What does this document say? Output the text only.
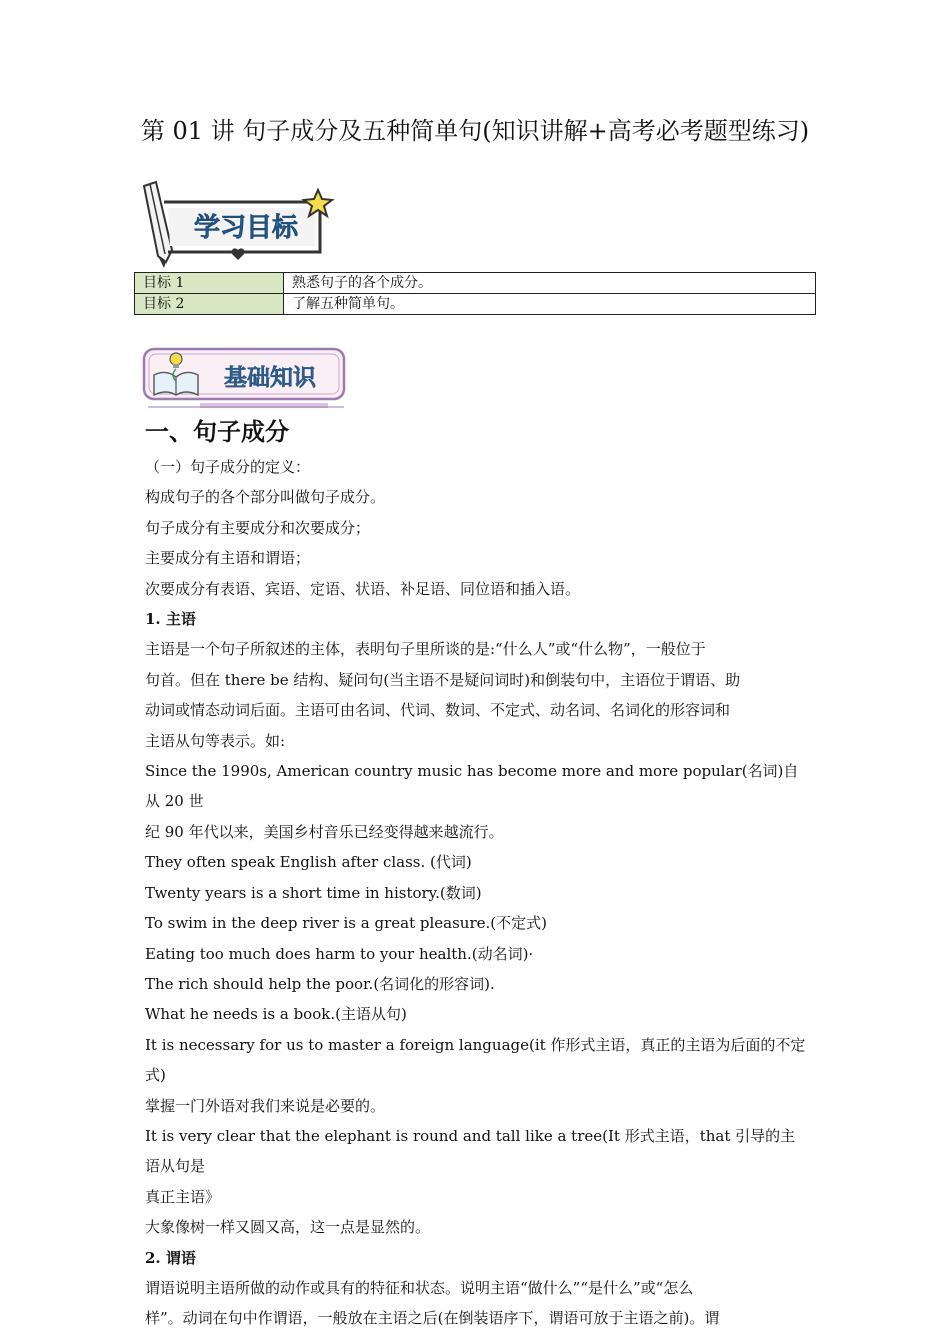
第 01 讲 句子成分及五种简单句(知识讲解+高考必考题型练习)
学习目标
目标 1	熟悉句子的各个成分。
目标 2	了解五种简单句。
基础知识
一、句子成分

（一）句子成分的定义：

构成句子的各个部分叫做句子成分。

句子成分有主要成分和次要成分；

主要成分有主语和谓语；

次要成分有表语、宾语、定语、状语、补足语、同位语和插入语。

1. 主语

主语是一个句子所叙述的主体，表明句子里所谈的是:“什么人”或“什么物”，一般位于

句首。但在 there be 结构、疑问句(当主语不是疑问词时)和倒装句中，主语位于谓语、助

动词或情态动词后面。主语可由名词、代词、数词、不定式、动名词、名词化的形容词和

主语从句等表示。如:

Since the 1990s, American country music has become more and more popular(名词)自从 20 世

纪 90 年代以来，美国乡村音乐已经变得越来越流行。

They often speak English after class. (代词)

Twenty years is a short time in history.(数词)

To swim in the deep river is a great pleasure.(不定式)

Eating too much does harm to your health.(动名词)·

The rich should help the poor.(名词化的形容词).

What he needs is a book.(主语从句)

It is necessary for us to master a foreign language(it 作形式主语，真正的主语为后面的不定式)

掌握一门外语对我们来说是必要的。

It is very clear that the elephant is round and tall like a tree(It 形式主语，that 引导的主语从句是

真正主语》

大象像树一样又圆又高，这一点是显然的。

2. 谓语

谓语说明主语所做的动作或具有的特征和状态。说明主语“做什么”“是什么”或“怎么

样”。动词在句中作谓语，一般放在主语之后(在倒装语序下，谓语可放于主语之前)。谓
